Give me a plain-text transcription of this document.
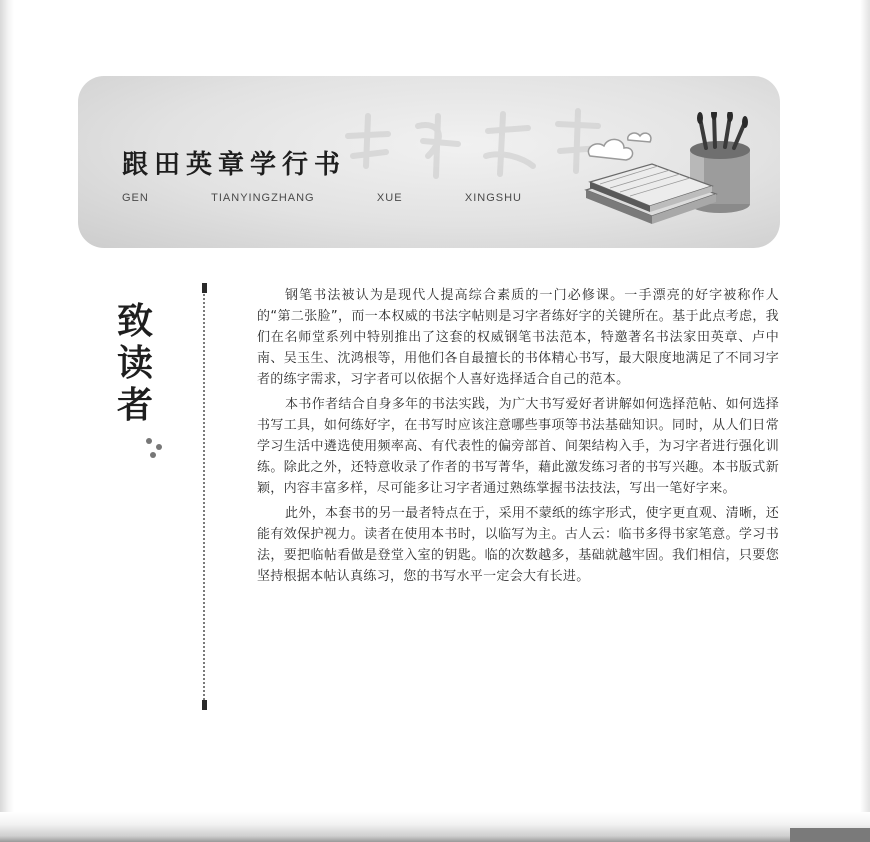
跟田英章学行书
GEN	TIANYINGZHANG	XUE	XINGSHU
致
读
者

钢笔书法被认为是现代人提高综合素质的一门必修课。一手漂亮的好字被称作人的“第二张脸”，而一本权威的书法字帖则是习字者练好字的关键所在。基于此点考虑，我们在名师堂系列中特别推出了这套的权威钢笔书法范本，特邀著名书法家田英章、卢中南、吴玉生、沈鸿根等，用他们各自最擅长的书体精心书写，最大限度地满足了不同习字者的练字需求，习字者可以依据个人喜好选择适合自己的范本。

本书作者结合自身多年的书法实践，为广大书写爱好者讲解如何选择范帖、如何选择书写工具，如何练好字，在书写时应该注意哪些事项等书法基础知识。同时，从人们日常学习生活中遴选使用频率高、有代表性的偏旁部首、间架结构入手，为习字者进行强化训练。除此之外，还特意收录了作者的书写菁华，藉此激发练习者的书写兴趣。本书版式新颖，内容丰富多样，尽可能多让习字者通过熟练掌握书法技法，写出一笔好字来。

此外，本套书的另一最者特点在于，采用不蒙纸的练字形式，使字更直观、清晰，还能有效保护视力。读者在使用本书时，以临写为主。古人云：临书多得书家笔意。学习书法，要把临帖看做是登堂入室的钥匙。临的次数越多，基础就越牢固。我们相信，只要您坚持根据本帖认真练习，您的书写水平一定会大有长进。
